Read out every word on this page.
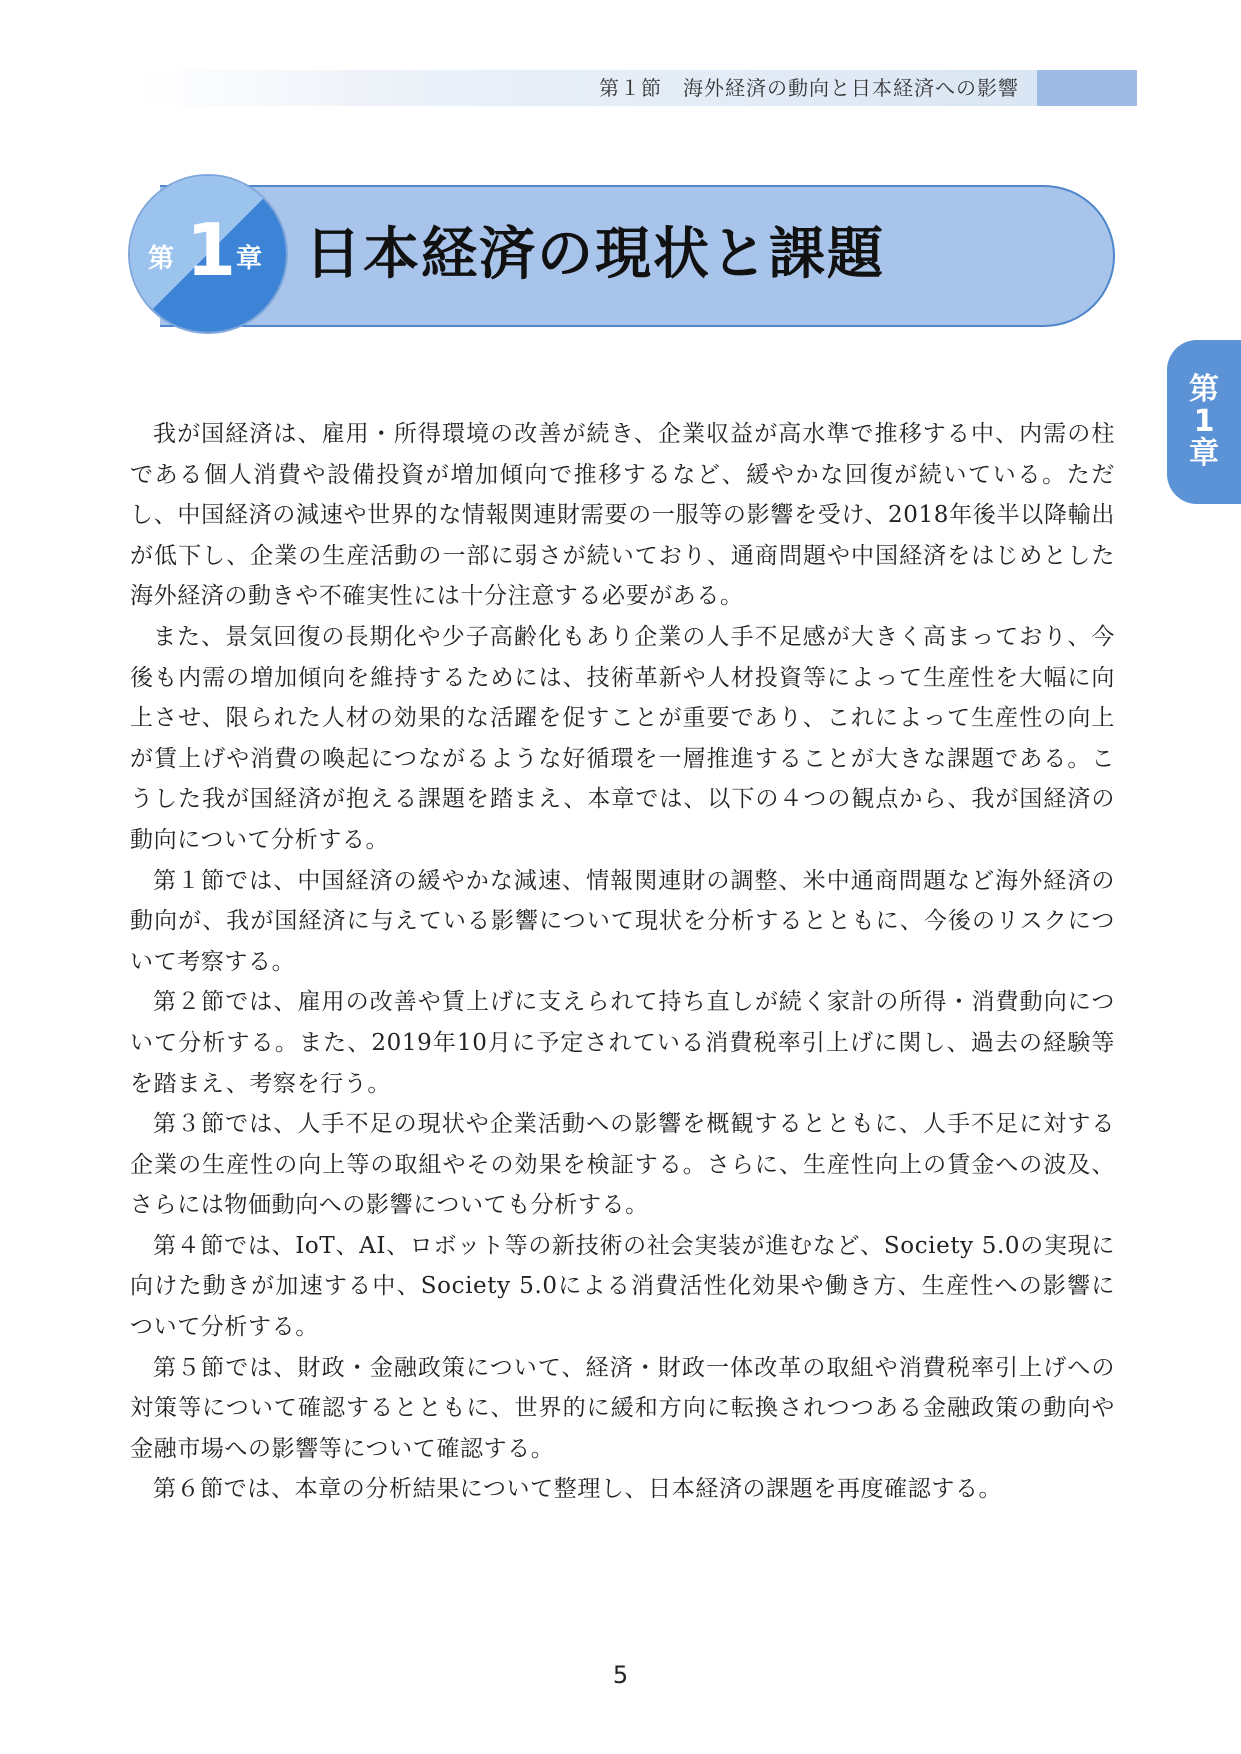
第１節　海外経済の動向と日本経済への影響
第 1 章 日本経済の現状と課題
第
1
章

我が国経済は、雇用・所得環境の改善が続き、企業収益が高水準で推移する中、内需の柱である個人消費や設備投資が増加傾向で推移するなど、緩やかな回復が続いている。ただし、中国経済の減速や世界的な情報関連財需要の一服等の影響を受け、2018年後半以降輸出が低下し、企業の生産活動の一部に弱さが続いており、通商問題や中国経済をはじめとした海外経済の動きや不確実性には十分注意する必要がある。

また、景気回復の長期化や少子高齢化もあり企業の人手不足感が大きく高まっており、今後も内需の増加傾向を維持するためには、技術革新や人材投資等によって生産性を大幅に向上させ、限られた人材の効果的な活躍を促すことが重要であり、これによって生産性の向上が賃上げや消費の喚起につながるような好循環を一層推進することが大きな課題である。こうした我が国経済が抱える課題を踏まえ、本章では、以下の４つの観点から、我が国経済の動向について分析する。

第１節では、中国経済の緩やかな減速、情報関連財の調整、米中通商問題など海外経済の動向が、我が国経済に与えている影響について現状を分析するとともに、今後のリスクについて考察する。

第２節では、雇用の改善や賃上げに支えられて持ち直しが続く家計の所得・消費動向について分析する。また、2019年10月に予定されている消費税率引上げに関し、過去の経験等を踏まえ、考察を行う。

第３節では、人手不足の現状や企業活動への影響を概観するとともに、人手不足に対する企業の生産性の向上等の取組やその効果を検証する。さらに、生産性向上の賃金への波及、さらには物価動向への影響についても分析する。

第４節では、IoT、AI、ロボット等の新技術の社会実装が進むなど、Society 5.0の実現に向けた動きが加速する中、Society 5.0による消費活性化効果や働き方、生産性への影響について分析する。

第５節では、財政・金融政策について、経済・財政一体改革の取組や消費税率引上げへの対策等について確認するとともに、世界的に緩和方向に転換されつつある金融政策の動向や金融市場への影響等について確認する。

第６節では、本章の分析結果について整理し、日本経済の課題を再度確認する。

5
